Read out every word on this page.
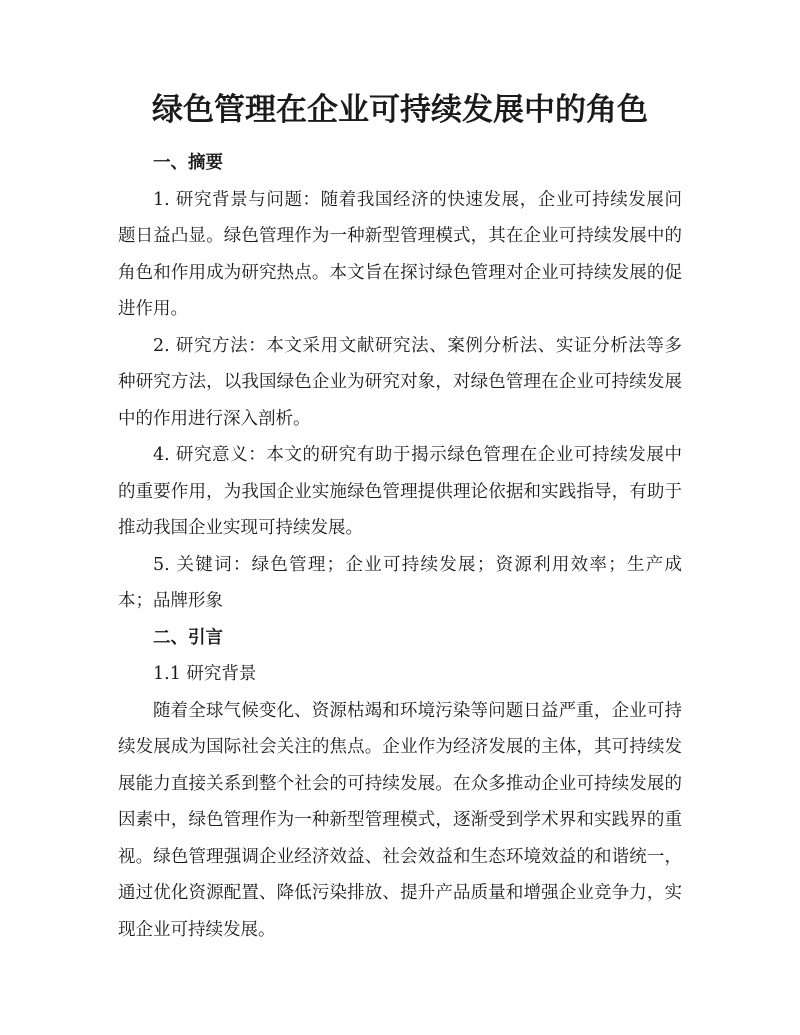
绿色管理在企业可持续发展中的角色

一、摘要

1. 研究背景与问题：随着我国经济的快速发展，企业可持续发展问题日益凸显。绿色管理作为一种新型管理模式，其在企业可持续发展中的角色和作用成为研究热点。本文旨在探讨绿色管理对企业可持续发展的促进作用。

2. 研究方法：本文采用文献研究法、案例分析法、实证分析法等多种研究方法，以我国绿色企业为研究对象，对绿色管理在企业可持续发展中的作用进行深入剖析。

4. 研究意义：本文的研究有助于揭示绿色管理在企业可持续发展中的重要作用，为我国企业实施绿色管理提供理论依据和实践指导，有助于推动我国企业实现可持续发展。

5. 关键词：绿色管理；企业可持续发展；资源利用效率；生产成本；品牌形象

二、引言

1.1 研究背景

随着全球气候变化、资源枯竭和环境污染等问题日益严重，企业可持续发展成为国际社会关注的焦点。企业作为经济发展的主体，其可持续发展能力直接关系到整个社会的可持续发展。在众多推动企业可持续发展的因素中，绿色管理作为一种新型管理模式，逐渐受到学术界和实践界的重视。绿色管理强调企业经济效益、社会效益和生态环境效益的和谐统一，通过优化资源配置、降低污染排放、提升产品质量和增强企业竞争力，实现企业可持续发展。
